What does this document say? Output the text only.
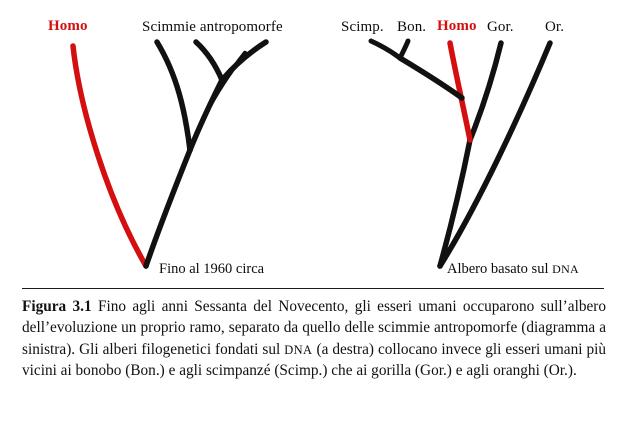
Homo	Scimmie antropomorfe	Scimp. Bon. Homo Gor. Or.
Fino al 1960 circa	Albero basato sul DNA
Figura 3.1 Fino agli anni Sessanta del Novecento, gli esseri umani occuparono sull’albero dell’evoluzione un proprio ramo, separato da quello delle scimmie antropomorfe (diagramma a sinistra). Gli alberi filogenetici fondati sul DNA (a destra) collocano invece gli esseri umani più vicini ai bonobo (Bon.) e agli scimpanzé (Scimp.) che ai gorilla (Gor.) e agli oranghi (Or.).
